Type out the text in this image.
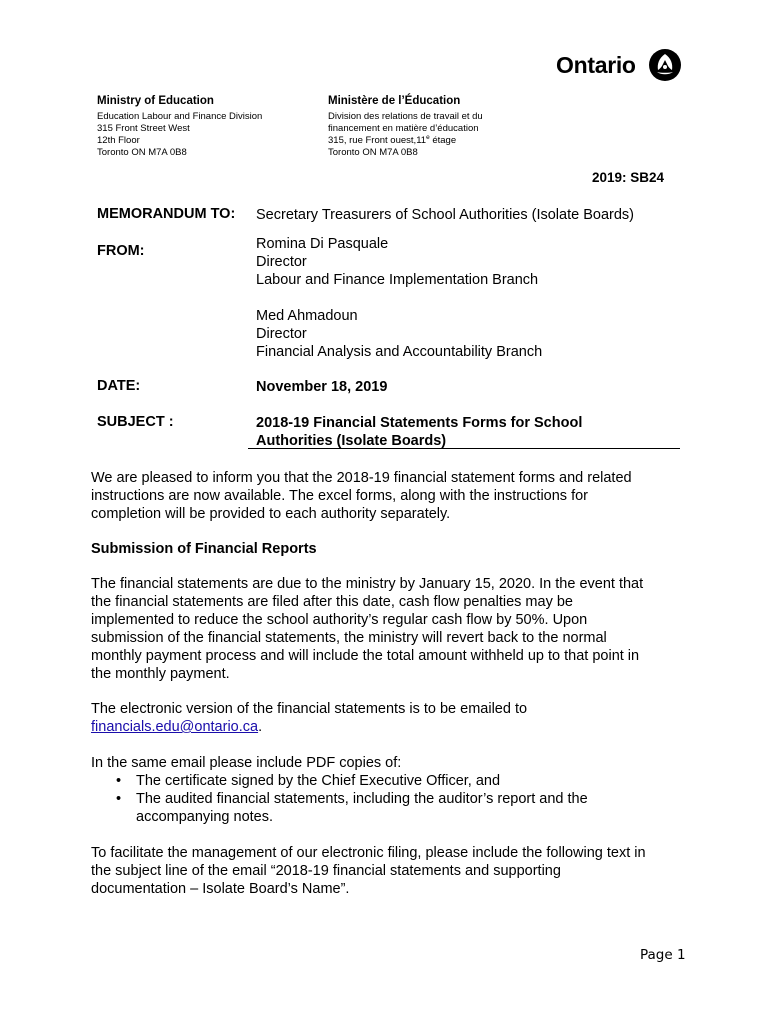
Ontario
Ministry of Education
Education Labour and Finance Division
315 Front Street West
12th Floor
Toronto ON M7A 0B8
Ministère de l’Éducation
Division des relations de travail et du
financement en matière d’éducation
315, rue Front ouest,11e étage
Toronto ON M7A 0B8
2019: SB24
MEMORANDUM TO: Secretary Treasurers of School Authorities (Isolate Boards)
FROM:	Romina Di Pasquale
Director
Labour and Finance Implementation Branch
Med Ahmadoun
Director
Financial Analysis and Accountability Branch
DATE:	November 18, 2019
SUBJECT :	2018-19 Financial Statements Forms for School
Authorities (Isolate Boards)

We are pleased to inform you that the 2018-19 financial statement forms and related

instructions are now available. The excel forms, along with the instructions for

completion will be provided to each authority separately.

Submission of Financial Reports

The financial statements are due to the ministry by January 15, 2020. In the event that

the financial statements are filed after this date, cash flow penalties may be

implemented to reduce the school authority’s regular cash flow by 50%. Upon

submission of the financial statements, the ministry will revert back to the normal

monthly payment process and will include the total amount withheld up to that point in

the monthly payment.

The electronic version of the financial statements is to be emailed to

financials.edu@ontario.ca.

In the same email please include PDF copies of:
• The certificate signed by the Chief Executive Officer, and
• The audited financial statements, including the auditor’s report and the
accompanying notes.

To facilitate the management of our electronic filing, please include the following text in

the subject line of the email “2018-19 financial statements and supporting

documentation – Isolate Board’s Name”.

Page 1
